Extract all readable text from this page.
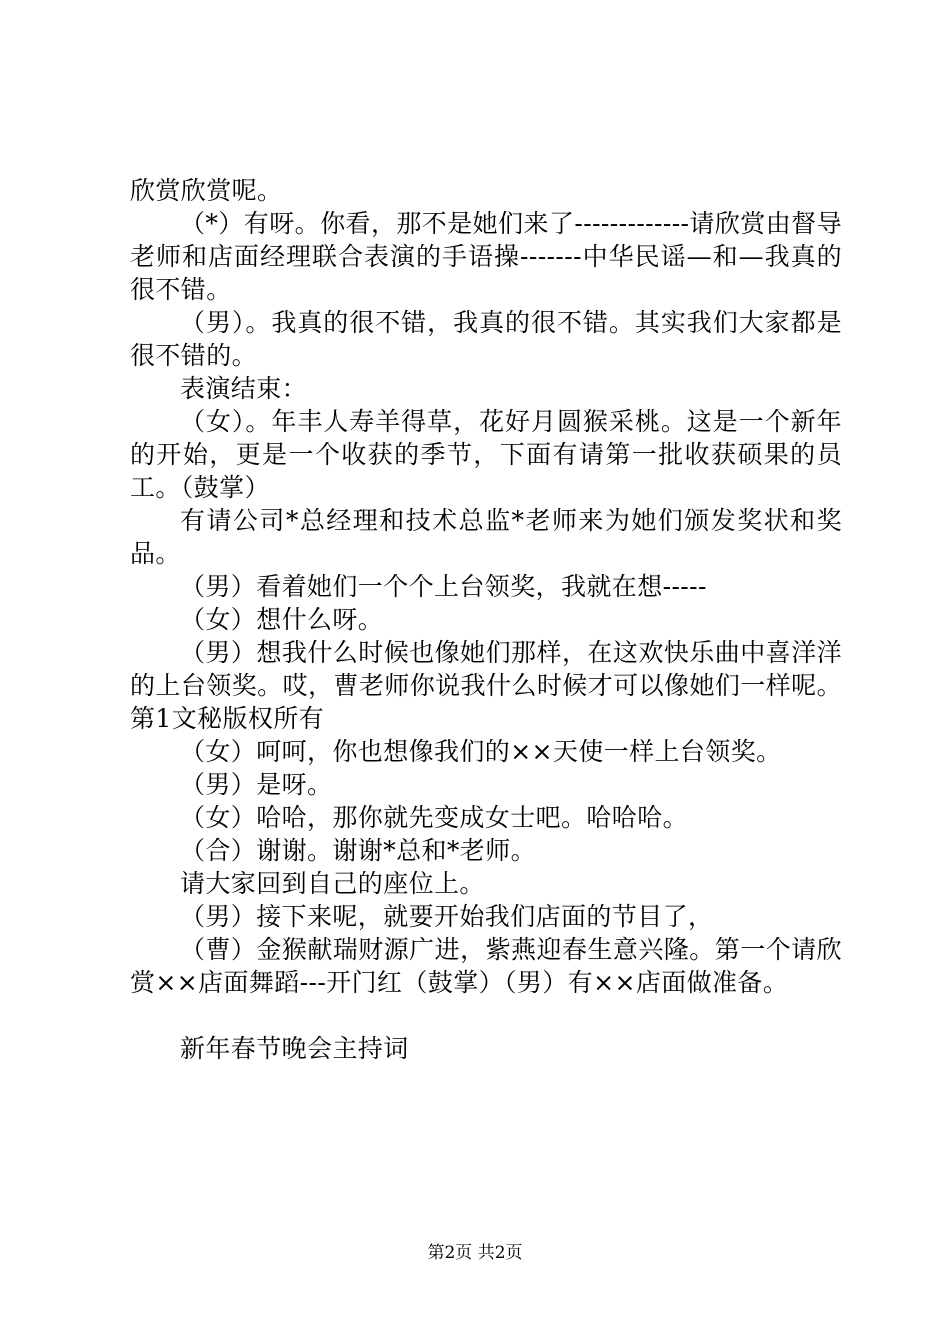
欣赏欣赏呢。

（*）有呀。你看，那不是她们来了-------------请欣赏由督导老师和店面经理联合表演的手语操-------中华民谣—和—我真的很不错。

（男）。我真的很不错，我真的很不错。其实我们大家都是很不错的。

表演结束：

（女）。年丰人寿羊得草，花好月圆猴采桃。这是一个新年的开始，更是一个收获的季节，下面有请第一批收获硕果的员工。（鼓掌）

有请公司*总经理和技术总监*老师来为她们颁发奖状和奖品。

（男）看着她们一个个上台领奖，我就在想-----

（女）想什么呀。

（男）想我什么时候也像她们那样，在这欢快乐曲中喜洋洋的上台领奖。哎，曹老师你说我什么时候才可以像她们一样呢。第1文秘版权所有

（女）呵呵，你也想像我们的××天使一样上台领奖。

（男）是呀。

（女）哈哈，那你就先变成女士吧。哈哈哈。

（合）谢谢。谢谢*总和*老师。

请大家回到自己的座位上。

（男）接下来呢，就要开始我们店面的节目了，

（曹）金猴献瑞财源广进，紫燕迎春生意兴隆。第一个请欣赏××店面舞蹈---开门红（鼓掌）（男）有××店面做准备。

新年春节晚会主持词

第2页 共2页
